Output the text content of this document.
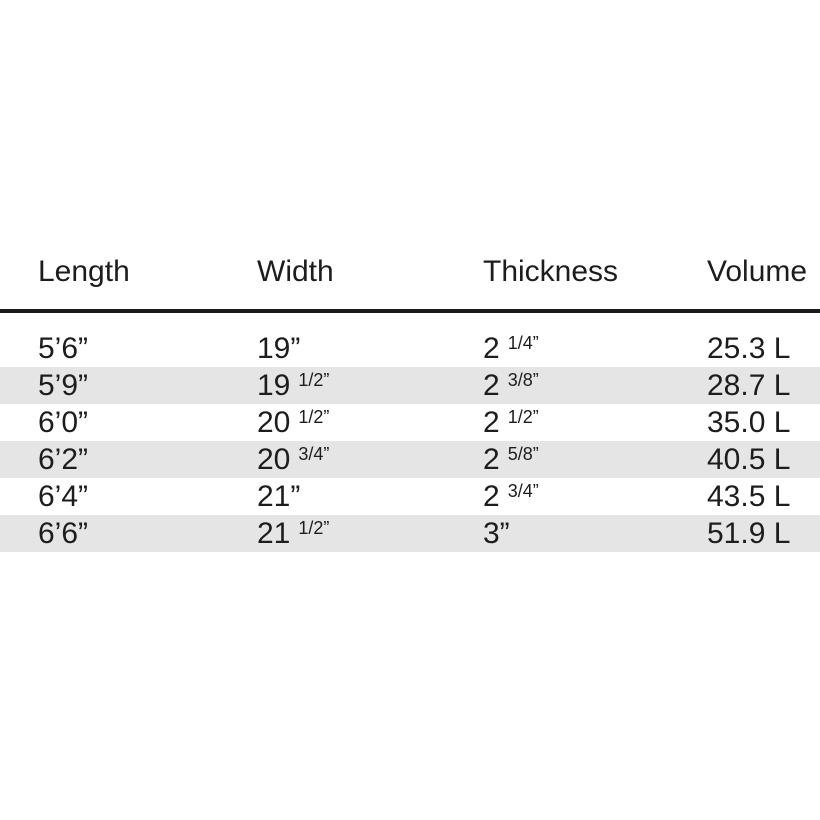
Length	Width	Thickness	Volume
5’6”	19”	2 $^{1/4”}$	25.3 L
5’9”	19 $^{1/2”}$	2 $^{3/8”}$	28.7 L
6’0”	20 $^{1/2”}$	2 $^{1/2”}$	35.0 L
6’2”	20 $^{3/4”}$	2 $^{5/8”}$	40.5 L
6’4”	21”	2 $^{3/4”}$	43.5 L
6’6”	21 $^{1/2”}$	3”	51.9 L
